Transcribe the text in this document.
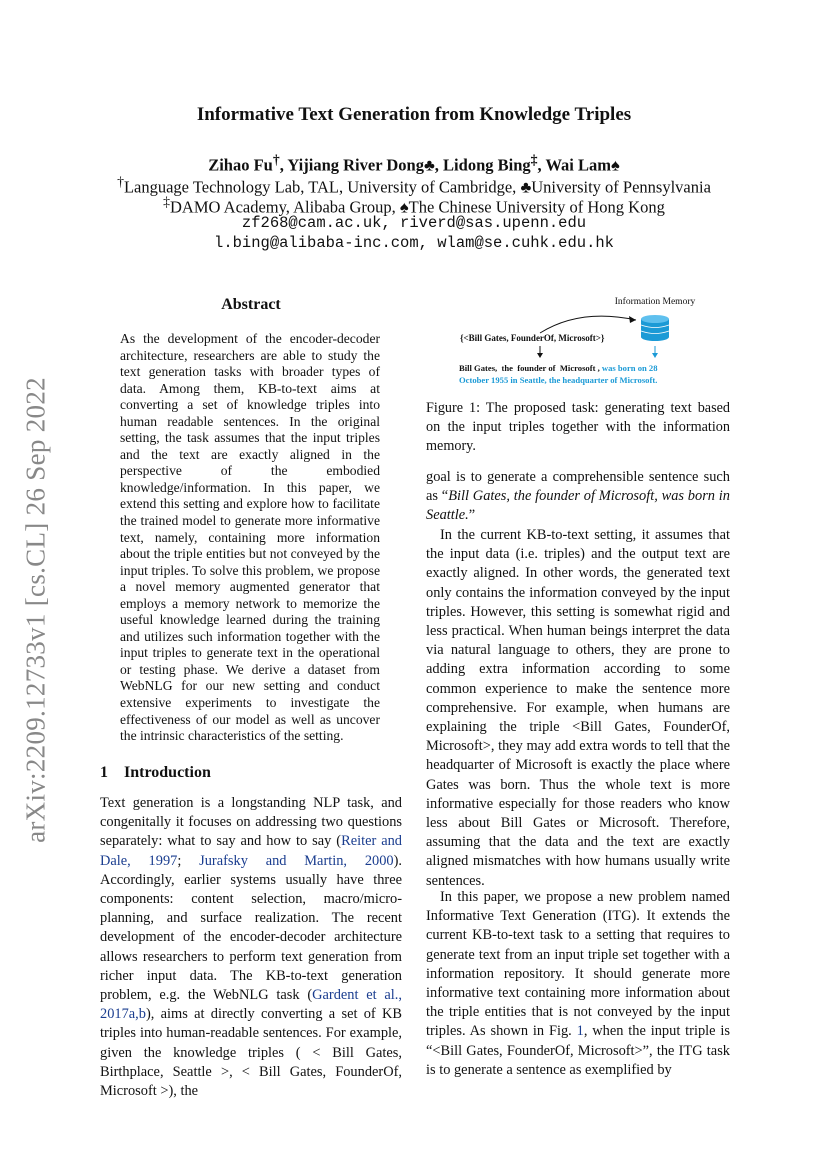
arXiv:2209.12733v1 [cs.CL] 26 Sep 2022
Informative Text Generation from Knowledge Triples
Zihao Fu†, Yijiang River Dong♣, Lidong Bing‡, Wai Lam♠
†Language Technology Lab, TAL, University of Cambridge, ♣University of Pennsylvania
‡DAMO Academy, Alibaba Group, ♠The Chinese University of Hong Kong
zf268@cam.ac.uk, riverd@sas.upenn.edu
l.bing@alibaba-inc.com, wlam@se.cuhk.edu.hk
Abstract
As the development of the encoder-decoder architecture, researchers are able to study the text generation tasks with broader types of data. Among them, KB-to-text aims at converting a set of knowledge triples into human readable sentences. In the original setting, the task assumes that the input triples and the text are exactly aligned in the perspective of the embodied knowledge/information. In this paper, we extend this setting and explore how to facilitate the trained model to generate more informative text, namely, containing more information about the triple entities but not conveyed by the input triples. To solve this problem, we propose a novel memory augmented generator that employs a memory network to memorize the useful knowledge learned during the training and utilizes such information together with the input triples to generate text in the operational or testing phase. We derive a dataset from WebNLG for our new setting and conduct extensive experiments to investigate the effectiveness of our model as well as uncover the intrinsic characteristics of the setting.
1 Introduction
Text generation is a longstanding NLP task, and congenitally it focuses on addressing two questions separately: what to say and how to say (Reiter and Dale, 1997; Jurafsky and Martin, 2000). Accordingly, earlier systems usually have three components: content selection, macro/micro-planning, and surface realization. The recent development of the encoder-decoder architecture allows researchers to perform text generation from richer input data. The KB-to-text generation problem, e.g. the WebNLG task (Gardent et al., 2017a,b), aims at directly converting a set of KB triples into human-readable sentences. For example, given the knowledge triples ( < Bill Gates, Birthplace, Seattle >, < Bill Gates, FounderOf, Microsoft >), the
Information Memory
{<Bill Gates, FounderOf, Microsoft>}
Bill Gates,  the  founder of  Microsoft , was born on 28
October 1955 in Seattle, the headquarter of Microsoft.
Figure 1: The proposed task: generating text based on the input triples together with the information memory.
goal is to generate a comprehensible sentence such as “Bill Gates, the founder of Microsoft, was born in Seattle.”
In the current KB-to-text setting, it assumes that the input data (i.e. triples) and the output text are exactly aligned. In other words, the generated text only contains the information conveyed by the input triples. However, this setting is somewhat rigid and less practical. When human beings interpret the data via natural language to others, they are prone to adding extra information according to some common experience to make the sentence more comprehensive. For example, when humans are explaining the triple <Bill Gates, FounderOf, Microsoft>, they may add extra words to tell that the headquarter of Microsoft is exactly the place where Gates was born. Thus the whole text is more informative especially for those readers who know less about Bill Gates or Microsoft. Therefore, assuming that the data and the text are exactly aligned mismatches with how humans usually write sentences.
In this paper, we propose a new problem named Informative Text Generation (ITG). It extends the current KB-to-text task to a setting that requires to generate text from an input triple set together with a information repository. It should generate more informative text containing more information about the triple entities that is not conveyed by the input triples. As shown in Fig. 1, when the input triple is “<Bill Gates, FounderOf, Microsoft>”, the ITG task is to generate a sentence as exemplified by
